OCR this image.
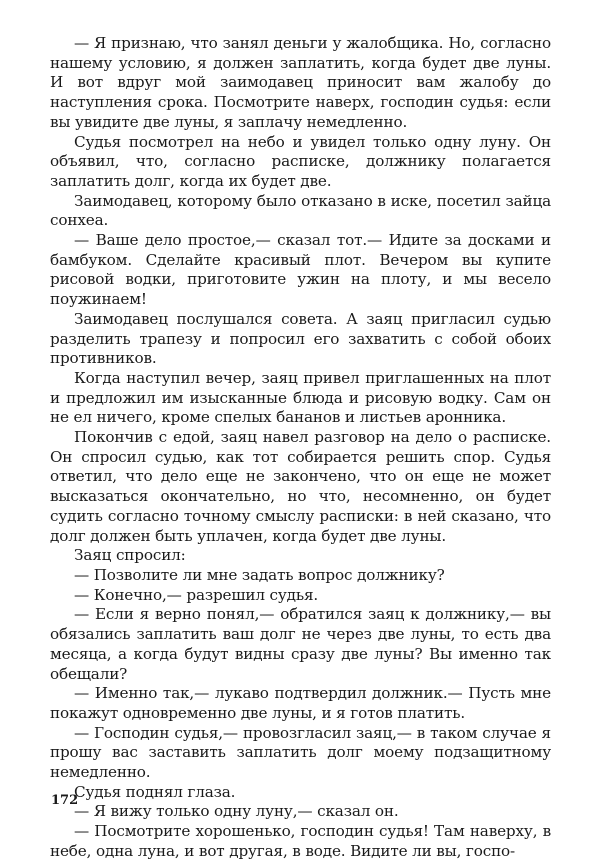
— Я признаю, что занял деньги у жалобщика. Но, согласно нашему условию, я должен заплатить, когда будет две луны. И вот вдруг мой заимодавец приносит вам жалобу до наступления срока. Посмотрите наверх, господин судья: если вы увидите две луны, я заплачу немедленно.

Судья посмотрел на небо и увидел только одну луну. Он объявил, что, согласно расписке, должнику полагается заплатить долг, когда их будет две.

Заимодавец, которому было отказано в иске, посетил зайца сонхеа.

— Ваше дело простое,— сказал тот.— Идите за досками и бамбуком. Сделайте красивый плот. Вечером вы купите рисовой водки, приготовите ужин на плоту, и мы весело поужинаем!

Заимодавец послушался совета. А заяц пригласил судью разделить трапезу и попросил его захватить с собой обоих противников.

Когда наступил вечер, заяц привел приглашенных на плот и предложил им изысканные блюда и рисовую водку. Сам он не ел ничего, кроме спелых бананов и листьев аронника.

Покончив с едой, заяц навел разговор на дело о расписке. Он спросил судью, как тот собирается решить спор. Судья ответил, что дело еще не закончено, что он еще не может высказаться окончательно, но что, несомненно, он будет судить согласно точному смыслу расписки: в ней сказано, что долг должен быть уплачен, когда будет две луны.

Заяц спросил:

— Позволите ли мне задать вопрос должнику?

— Конечно,— разрешил судья.

— Если я верно понял,— обратился заяц к должнику,— вы обязались заплатить ваш долг не через две луны, то есть два месяца, а когда будут видны сразу две луны? Вы именно так обещали?

— Именно так,— лукаво подтвердил должник.— Пусть мне покажут одновременно две луны, и я готов платить.

— Господин судья,— провозгласил заяц,— в таком случае я прошу вас заставить заплатить долг моему подзащитному немедленно.

Судья поднял глаза.

— Я вижу только одну луну,— сказал он.

— Посмотрите хорошенько, господин судья! Там наверху, в небе, одна луна, и вот другая, в воде. Видите ли вы, госпо-

172
